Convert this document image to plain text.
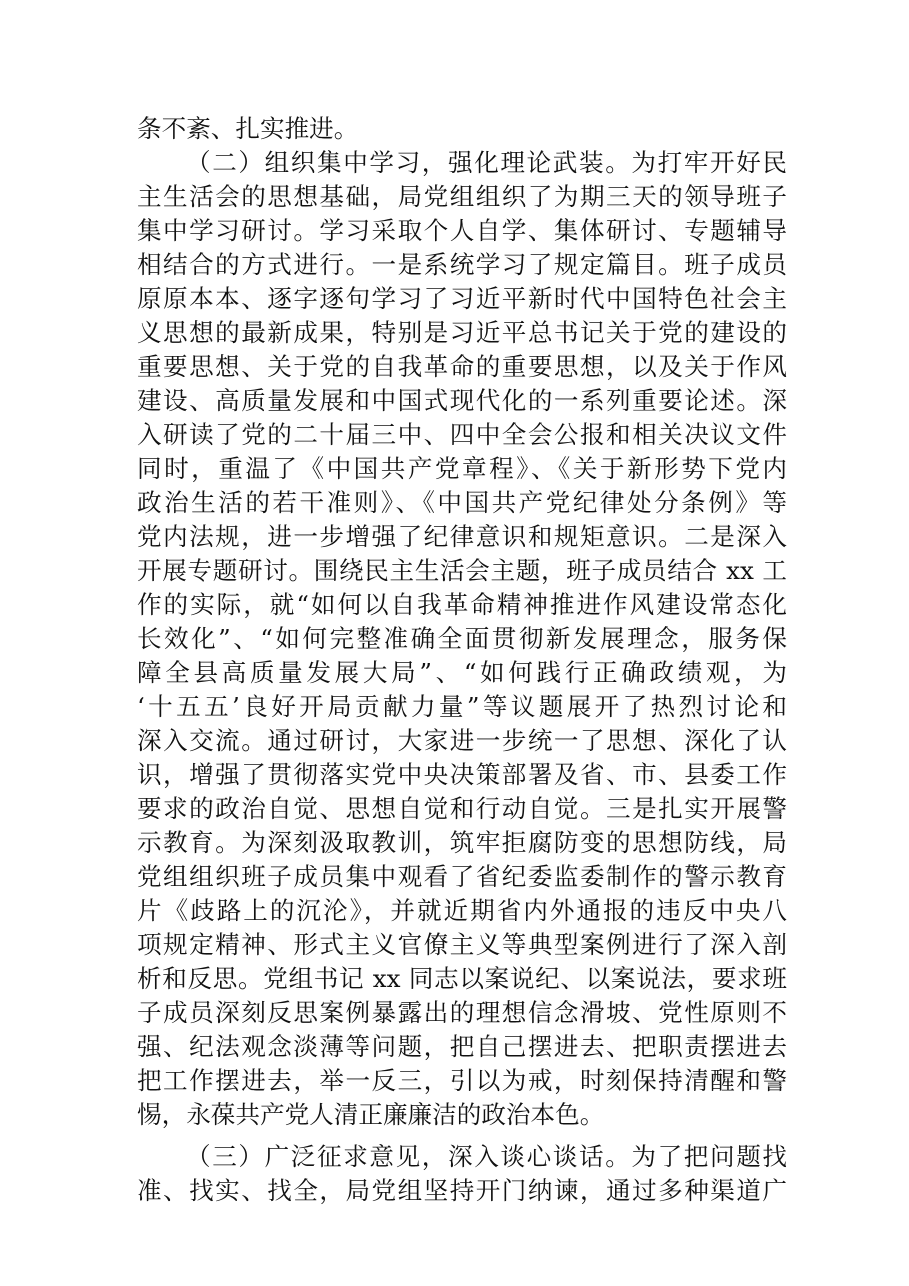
条不紊、扎实推进。
（二）组织集中学习，强化理论武装。为打牢开好民
主生活会的思想基础，局党组组织了为期三天的领导班子
集中学习研讨。学习采取个人自学、集体研讨、专题辅导
相结合的方式进行。一是系统学习了规定篇目。班子成员
原原本本、逐字逐句学习了习近平新时代中国特色社会主
义思想的最新成果，特别是习近平总书记关于党的建设的
重要思想、关于党的自我革命的重要思想，以及关于作风
建设、高质量发展和中国式现代化的一系列重要论述。深
入研读了党的二十届三中、四中全会公报和相关决议文件
同时，重温了《中国共产党章程》、《关于新形势下党内
政治生活的若干准则》、《中国共产党纪律处分条例》等
党内法规，进一步增强了纪律意识和规矩意识。二是深入
开展专题研讨。围绕民主生活会主题，班子成员结合 xx 工
作的实际，就“如何以自我革命精神推进作风建设常态化
长效化”、“如何完整准确全面贯彻新发展理念，服务保
障全县高质量发展大局”、“如何践行正确政绩观，为
‘十五五’良好开局贡献力量”等议题展开了热烈讨论和
深入交流。通过研讨，大家进一步统一了思想、深化了认
识，增强了贯彻落实党中央决策部署及省、市、县委工作
要求的政治自觉、思想自觉和行动自觉。三是扎实开展警
示教育。为深刻汲取教训，筑牢拒腐防变的思想防线，局
党组组织班子成员集中观看了省纪委监委制作的警示教育
片《歧路上的沉沦》，并就近期省内外通报的违反中央八
项规定精神、形式主义官僚主义等典型案例进行了深入剖
析和反思。党组书记 xx 同志以案说纪、以案说法，要求班
子成员深刻反思案例暴露出的理想信念滑坡、党性原则不
强、纪法观念淡薄等问题，把自己摆进去、把职责摆进去
把工作摆进去，举一反三，引以为戒，时刻保持清醒和警
惕，永葆共产党人清正廉廉洁的政治本色。
（三）广泛征求意见，深入谈心谈话。为了把问题找
准、找实、找全，局党组坚持开门纳谏，通过多种渠道广
